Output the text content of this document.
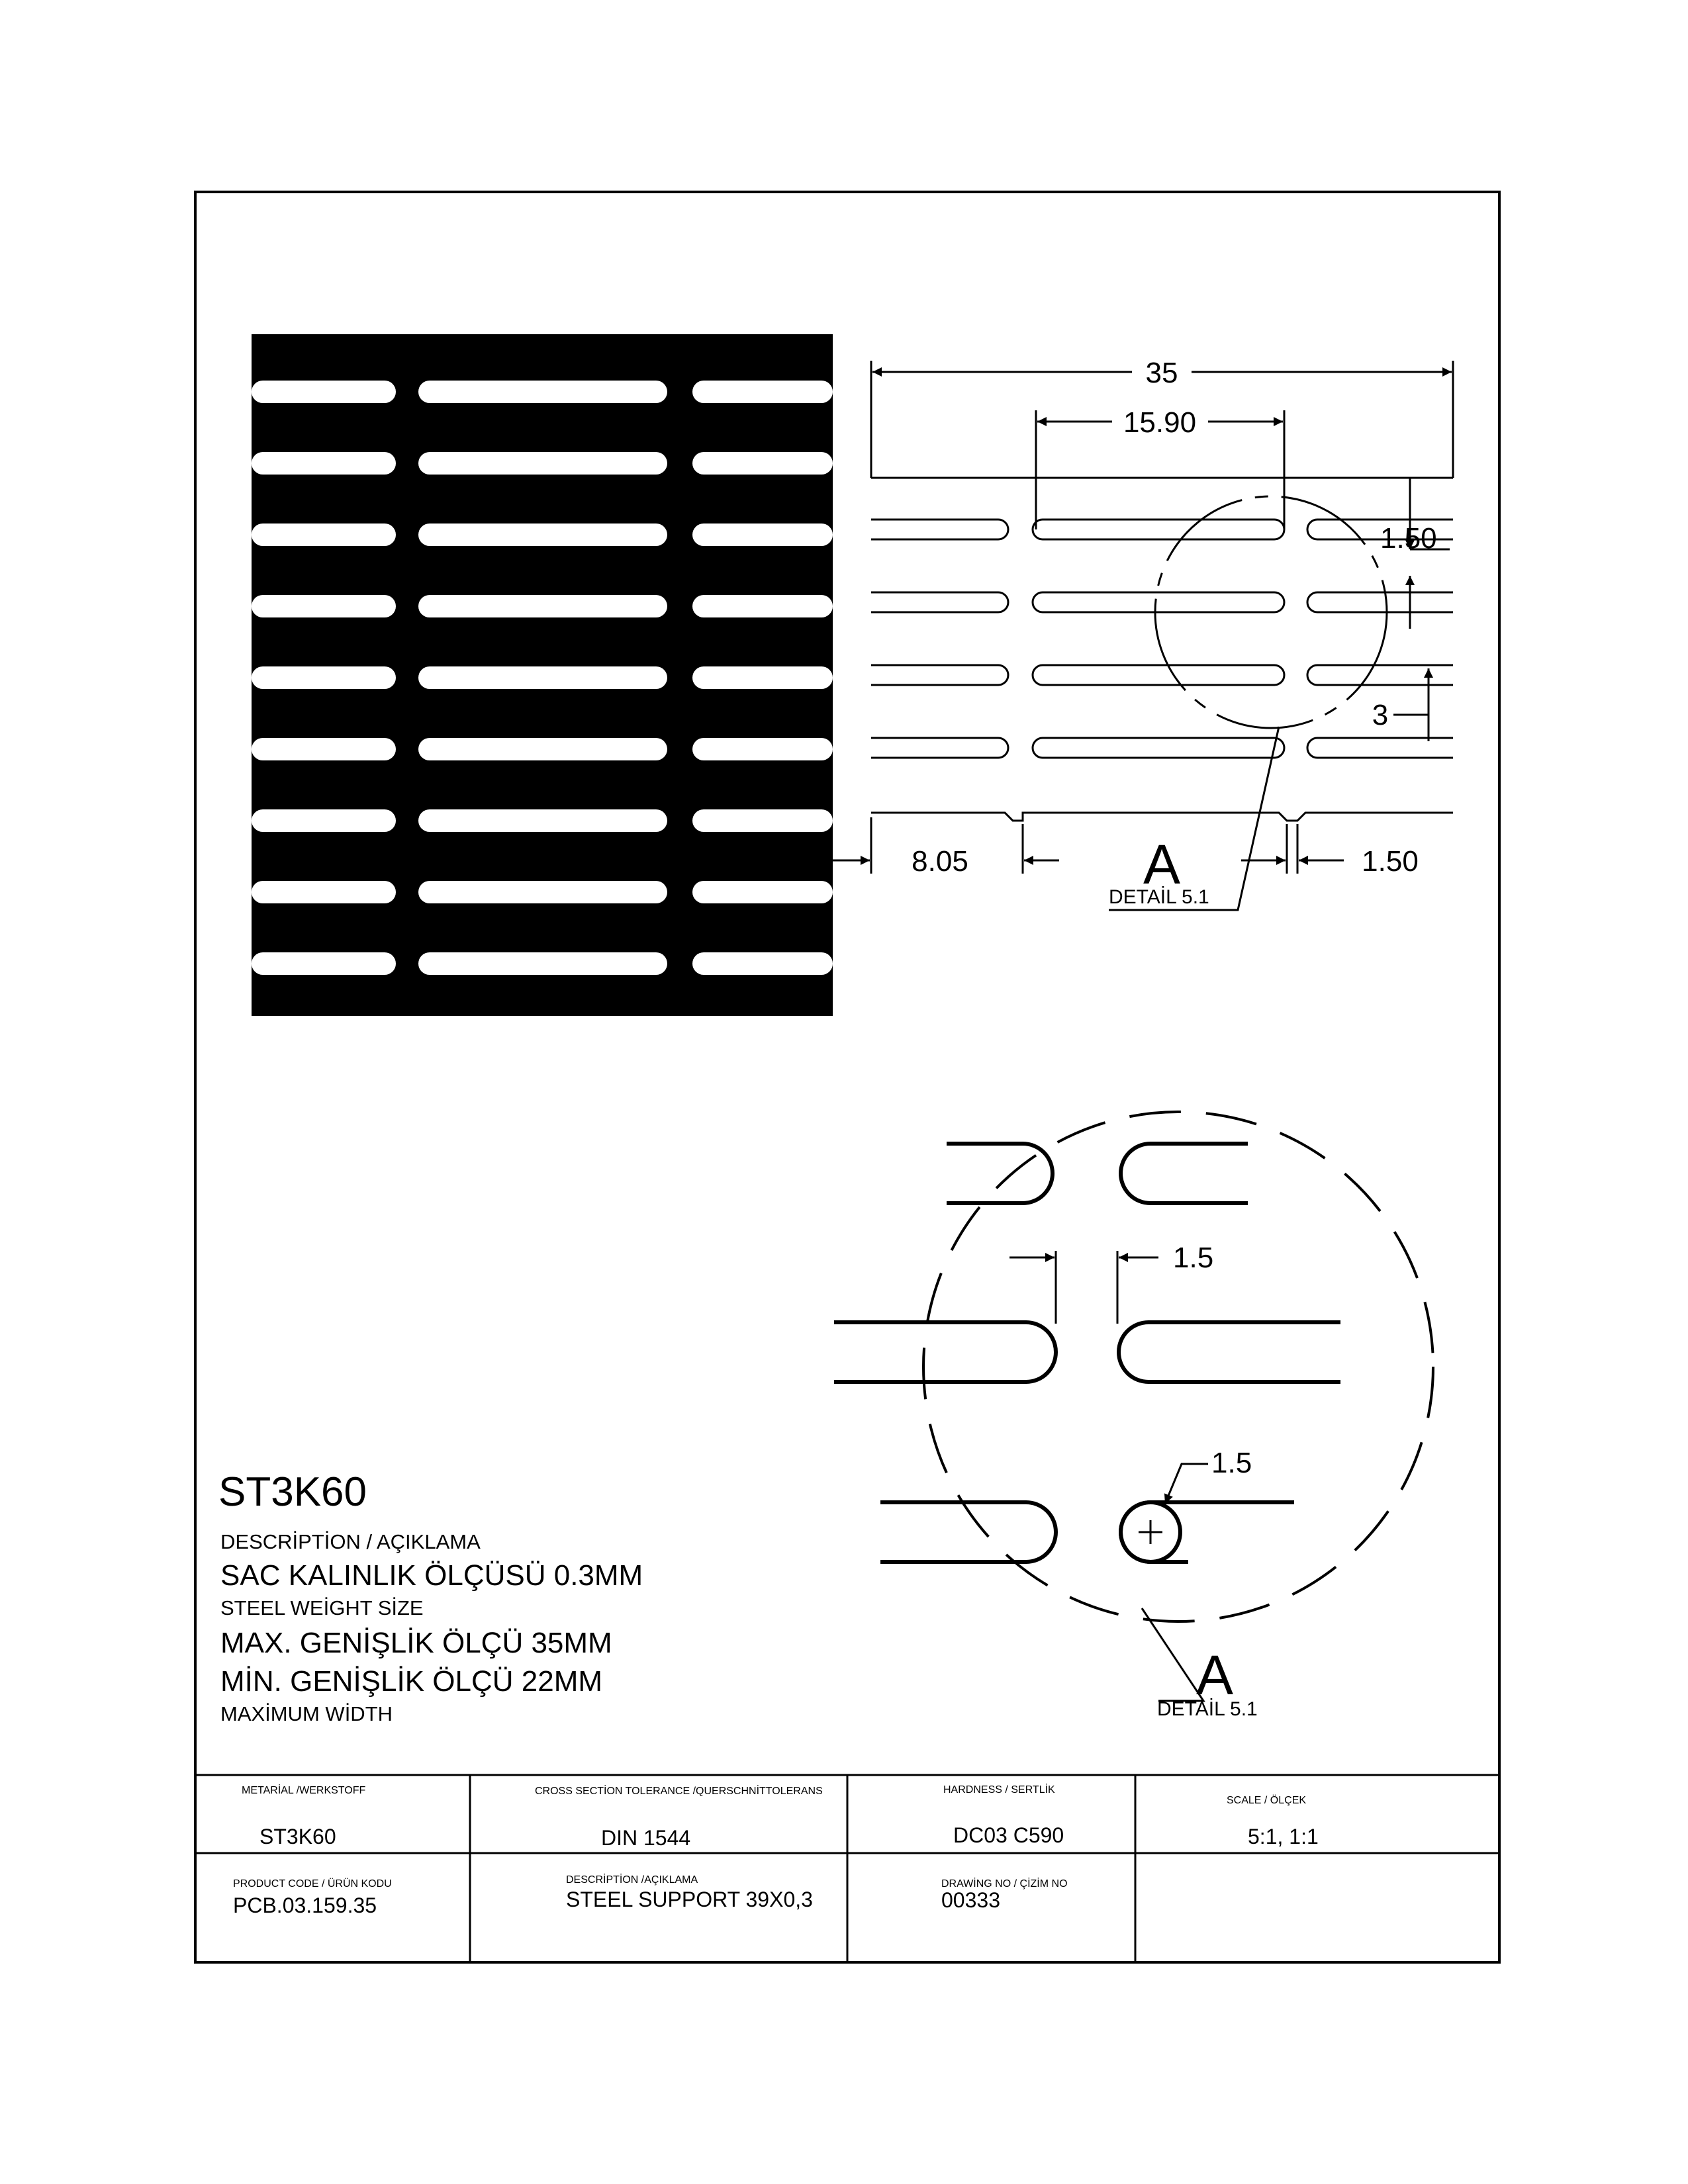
35
15.90
1.50
3
8.05	1.50
A
DETAİL 5.1
1.5
1.5
A
DETAİL 5.1
ST3K60
DESCRİPTİON / AÇIKLAMA
SAC KALINLIK ÖLÇÜSÜ 0.3MM
STEEL WEİGHT SİZE
MAX. GENİŞLİK ÖLÇÜ 35MM
MİN. GENİŞLİK ÖLÇÜ 22MM
MAXİMUM WİDTH
METARİAL /WERKSTOFF
ST3K60
CROSS SECTİON TOLERANCE /QUERSCHNİTTOLERANS
DIN 1544
HARDNESS / SERTLİK
DC03 C590
SCALE / ÖLÇEK
5:1, 1:1
PRODUCT CODE / ÜRÜN KODU
PCB.03.159.35
DESCRİPTİON /AÇIKLAMA
STEEL SUPPORT 39X0,3
DRAWİNG NO / ÇİZİM NO
00333
